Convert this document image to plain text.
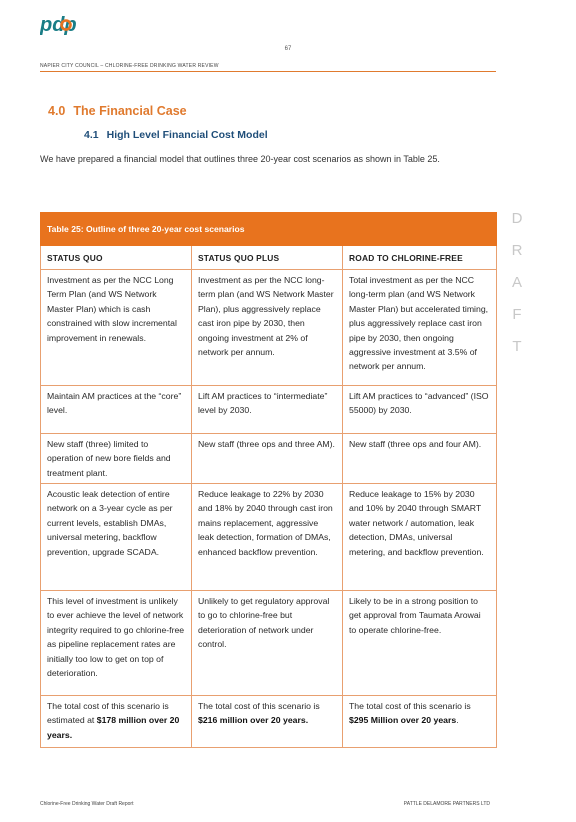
pdp
67
NAPIER CITY COUNCIL – CHLORINE-FREE DRINKING WATER REVIEW
4.0 The Financial Case
4.1 High Level Financial Cost Model
We have prepared a financial model that outlines three 20-year cost scenarios as shown in Table 25.
D
R
A
F
T
Table 25: Outline of three 20-year cost scenarios		
STATUS QUO	STATUS QUO PLUS	ROAD TO CHLORINE-FREE
Investment as per the NCC Long Term Plan (and WS Network Master Plan) which is cash constrained with slow incremental improvement in renewals.	Investment as per the NCC long-term plan (and WS Network Master Plan), plus aggressively replace cast iron pipe by 2030, then ongoing investment at 2% of network per annum.	Total investment as per the NCC long-term plan (and WS Network Master Plan) but accelerated timing, plus aggressively replace cast iron pipe by 2030, then ongoing aggressive investment at 3.5% of network per annum.
Maintain AM practices at the “core” level.	Lift AM practices to “intermediate” level by 2030.	Lift AM practices to “advanced” (ISO 55000) by 2030.
New staff (three) limited to operation of new bore fields and treatment plant.	New staff (three ops and three AM).	New staff (three ops and four AM).
Acoustic leak detection of entire network on a 3-year cycle as per current levels, establish DMAs, universal metering, backflow prevention, upgrade SCADA.	Reduce leakage to 22% by 2030 and 18% by 2040 through cast iron mains replacement, aggressive leak detection, formation of DMAs, enhanced backflow prevention.	Reduce leakage to 15% by 2030 and 10% by 2040 through SMART water network / automation, leak detection, DMAs, universal metering, and backflow prevention.
This level of investment is unlikely to ever achieve the level of network integrity required to go chlorine-free as pipeline replacement rates are initially too low to get on top of deterioration.	Unlikely to get regulatory approval to go to chlorine-free but deterioration of network under control.	Likely to be in a strong position to get approval from Taumata Arowai to operate chlorine-free.
The total cost of this scenario is estimated at $178 million over 20 years.	The total cost of this scenario is $216 million over 20 years.	The total cost of this scenario is $295 Million over 20 years.
Chlorine-Free Drinking Water Draft Report	PATTLE DELAMORE PARTNERS LTD
